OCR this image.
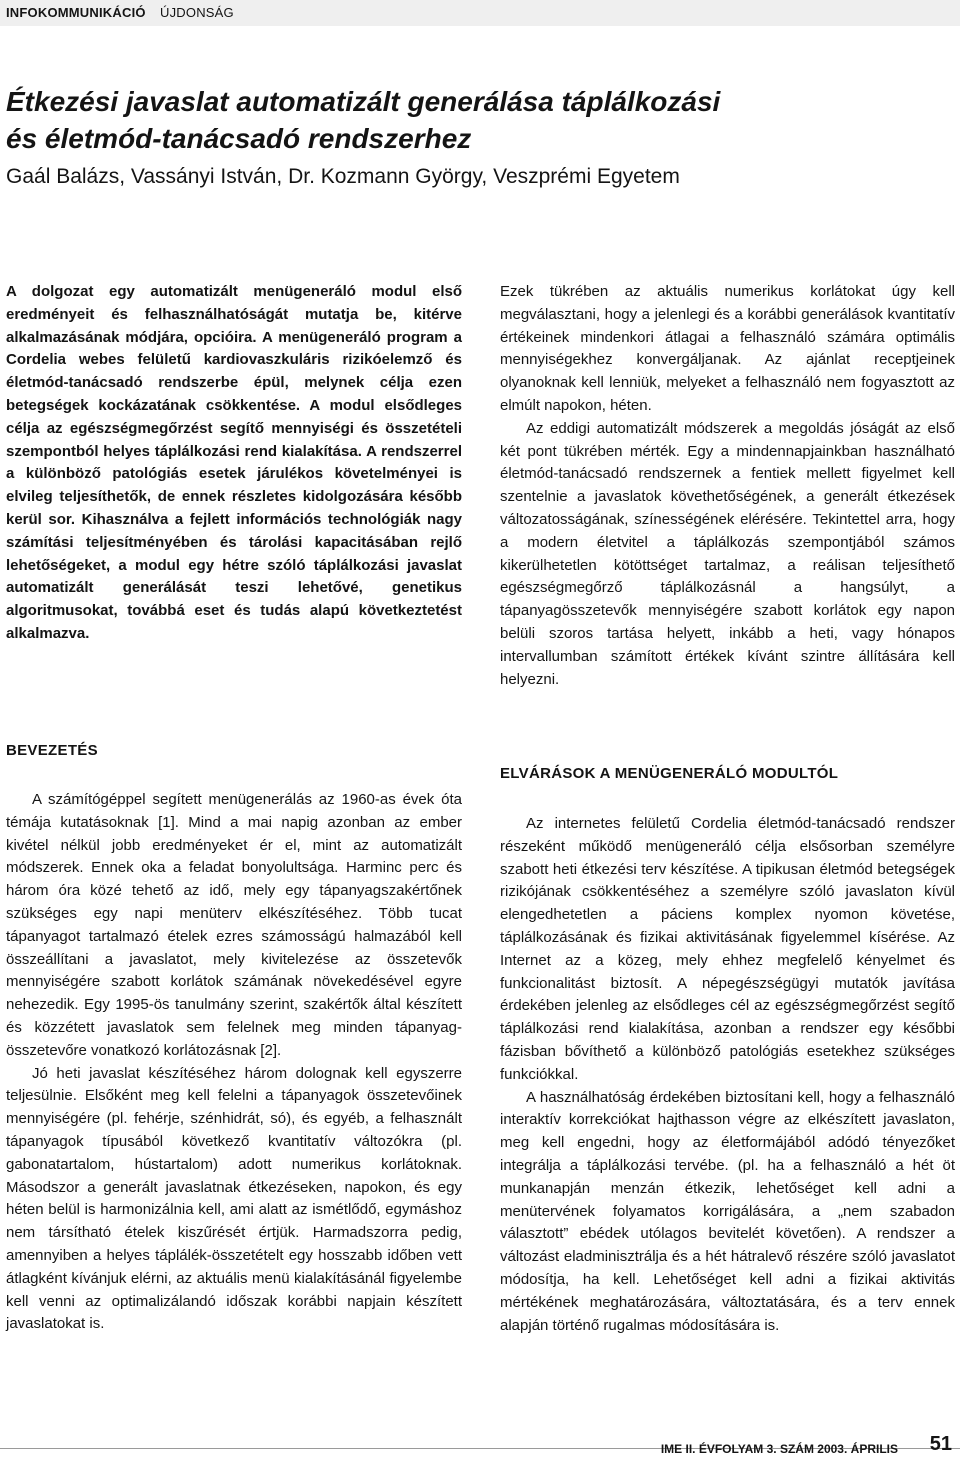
INFOKOMMUNIKÁCIÓ ÚJDONSÁG
Étkezési javaslat automatizált generálása táplálkozási
és életmód-tanácsadó rendszerhez
Gaál Balázs, Vassányi István, Dr. Kozmann György, Veszprémi Egyetem

A dolgozat egy automatizált menügeneráló modul első eredményeit és felhasználhatóságát mutatja be, kitérve alkalmazásának módjára, opcióira. A menügeneráló program a Cordelia webes felületű kardiovaszkuláris rizikóelemző és életmód-tanácsadó rendszerbe épül, melynek célja ezen betegségek kockázatának csökkentése. A modul elsődleges célja az egészségmegőrzést segítő mennyiségi és összetételi szempontból helyes táplálkozási rend kialakítása. A rendszerrel a különböző patológiás esetek járulékos követelményei is elvileg teljesíthetők, de ennek részletes kidolgozására később kerül sor. Kihasználva a fejlett információs technológiák nagy számítási teljesítményében és tárolási kapacitásában rejlő lehetőségeket, a modul egy hétre szóló táplálkozási javaslat automatizált generálását teszi lehetővé, genetikus algoritmusokat, továbbá eset és tudás alapú következtetést alkalmazva.

BEVEZETÉS

A számítógéppel segített menügenerálás az 1960-as évek óta témája kutatásoknak [1]. Mind a mai napig azonban az ember kivétel nélkül jobb eredményeket ér el, mint az automatizált módszerek. Ennek oka a feladat bonyolultsága. Harminc perc és három óra közé tehető az idő, mely egy tápanyagszakértőnek szükséges egy napi menüterv elkészítéséhez. Több tucat tápanyagot tartalmazó ételek ezres számosságú halmazából kell összeállítani a javaslatot, mely kivitelezése az összetevők mennyiségére szabott korlátok számának növekedésével egyre nehezedik. Egy 1995-ös tanulmány szerint, szakértők által készített és közzétett javaslatok sem felelnek meg minden tápanyag-összetevőre vonatkozó korlátozásnak [2].

Jó heti javaslat készítéséhez három dolognak kell egyszerre teljesülnie. Elsőként meg kell felelni a tápanyagok összetevőinek mennyiségére (pl. fehérje, szénhidrát, só), és egyéb, a felhasznált tápanyagok típusából következő kvantitatív változókra (pl. gabonatartalom, hústartalom) adott numerikus korlátoknak. Másodszor a generált javaslatnak étkezéseken, napokon, és egy héten belül is harmonizálnia kell, ami alatt az ismétlődő, egymáshoz nem társítható ételek kiszűrését értjük. Harmadszorra pedig, amennyiben a helyes táplálék-összetételt egy hosszabb időben vett átlagként kívánjuk elérni, az aktuális menü kialakításánál figyelembe kell venni az optimalizálandó időszak korábbi napjain készített javaslatokat is.

Ezek tükrében az aktuális numerikus korlátokat úgy kell megválasztani, hogy a jelenlegi és a korábbi generálások kvantitatív értékeinek mindenkori átlagai a felhasználó számára optimális mennyiségekhez konvergáljanak. Az ajánlat receptjeinek olyanoknak kell lenniük, melyeket a felhasználó nem fogyasztott az elmúlt napokon, héten.

Az eddigi automatizált módszerek a megoldás jóságát az első két pont tükrében mérték. Egy a mindennapjainkban használható életmód-tanácsadó rendszernek a fentiek mellett figyelmet kell szentelnie a javaslatok követhetőségének, a generált étkezések változatosságának, színességének elérésére. Tekintettel arra, hogy a modern életvitel a táplálkozás szempontjából számos kikerülhetetlen kötöttséget tartalmaz, a reálisan teljesíthető egészségmegőrző táplálkozásnál a hangsúlyt, a tápanyagösszetevők mennyiségére szabott korlátok egy napon belüli szoros tartása helyett, inkább a heti, vagy hónapos intervallumban számított értékek kívánt szintre állítására kell helyezni.

ELVÁRÁSOK A MENÜGENERÁLÓ MODULTÓL

Az internetes felületű Cordelia életmód-tanácsadó rendszer részeként működő menügeneráló célja elsősorban személyre szabott heti étkezési terv készítése. A tipikusan életmód betegségek rizikójának csökkentéséhez a személyre szóló javaslaton kívül elengedhetetlen a páciens komplex nyomon követése, táplálkozásának és fizikai aktivitásának figyelemmel kísérése. Az Internet az a közeg, mely ehhez megfelelő kényelmet és funkcionalitást biztosít. A népegészségügyi mutatók javítása érdekében jelenleg az elsődleges cél az egészségmegőrzést segítő táplálkozási rend kialakítása, azonban a rendszer egy későbbi fázisban bővíthető a különböző patológiás esetekhez szükséges funkciókkal.

A használhatóság érdekében biztosítani kell, hogy a felhasználó interaktív korrekciókat hajthasson végre az elkészített javaslaton, meg kell engedni, hogy az életformájából adódó tényezőket integrálja a táplálkozási tervébe. (pl. ha a felhasználó a hét öt munkanapján menzán étkezik, lehetőséget kell adni a menütervének folyamatos korrigálására, a „nem szabadon választott” ebédek utólagos bevitelét követően). A rendszer a változást eladminisztrálja és a hét hátralevő részére szóló javaslatot módosítja, ha kell. Lehetőséget kell adni a fizikai aktivitás mértékének meghatározására, változtatására, és a terv ennek alapján történő rugalmas módosítására is.

IME II. ÉVFOLYAM 3. SZÁM 2003. ÁPRILIS 51
